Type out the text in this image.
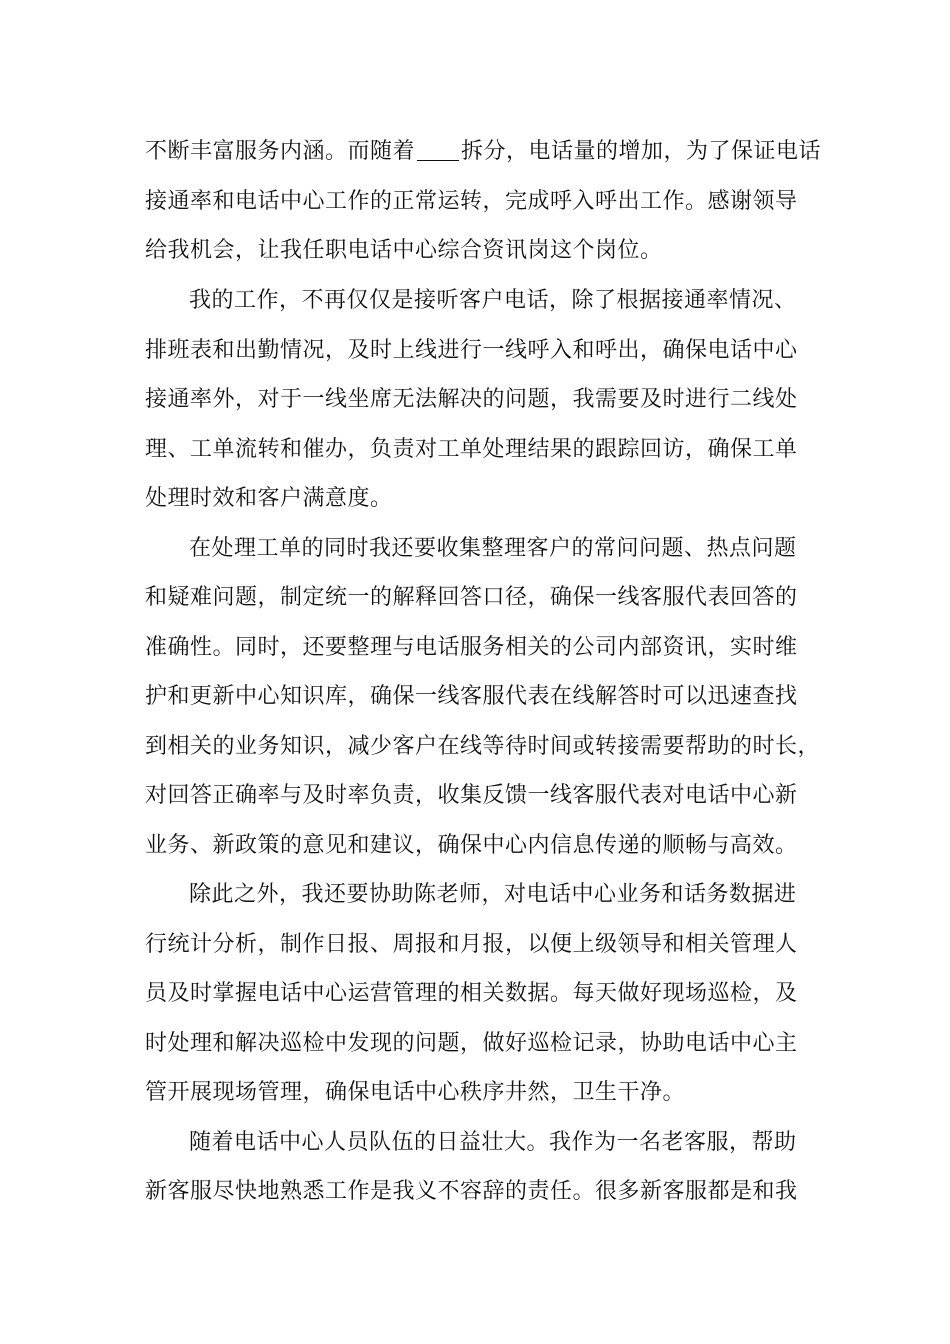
不断丰富服务内涵。而随着 拆分，电话量的增加，为了保证电话
接通率和电话中心工作的正常运转，完成呼入呼出工作。感谢领导
给我机会，让我任职电话中心综合资讯岗这个岗位。
我的工作，不再仅仅是接听客户电话，除了根据接通率情况、
排班表和出勤情况，及时上线进行一线呼入和呼出，确保电话中心
接通率外，对于一线坐席无法解决的问题，我需要及时进行二线处
理、工单流转和催办，负责对工单处理结果的跟踪回访，确保工单
处理时效和客户满意度。
在处理工单的同时我还要收集整理客户的常问问题、热点问题
和疑难问题，制定统一的解释回答口径，确保一线客服代表回答的
准确性。同时，还要整理与电话服务相关的公司内部资讯，实时维
护和更新中心知识库，确保一线客服代表在线解答时可以迅速查找
到相关的业务知识，减少客户在线等待时间或转接需要帮助的时长，
对回答正确率与及时率负责，收集反馈一线客服代表对电话中心新
业务、新政策的意见和建议，确保中心内信息传递的顺畅与高效。
除此之外，我还要协助陈老师，对电话中心业务和话务数据进
行统计分析，制作日报、周报和月报，以便上级领导和相关管理人
员及时掌握电话中心运营管理的相关数据。每天做好现场巡检，及
时处理和解决巡检中发现的问题，做好巡检记录，协助电话中心主
管开展现场管理，确保电话中心秩序井然，卫生干净。
随着电话中心人员队伍的日益壮大。我作为一名老客服，帮助
新客服尽快地熟悉工作是我义不容辞的责任。很多新客服都是和我
